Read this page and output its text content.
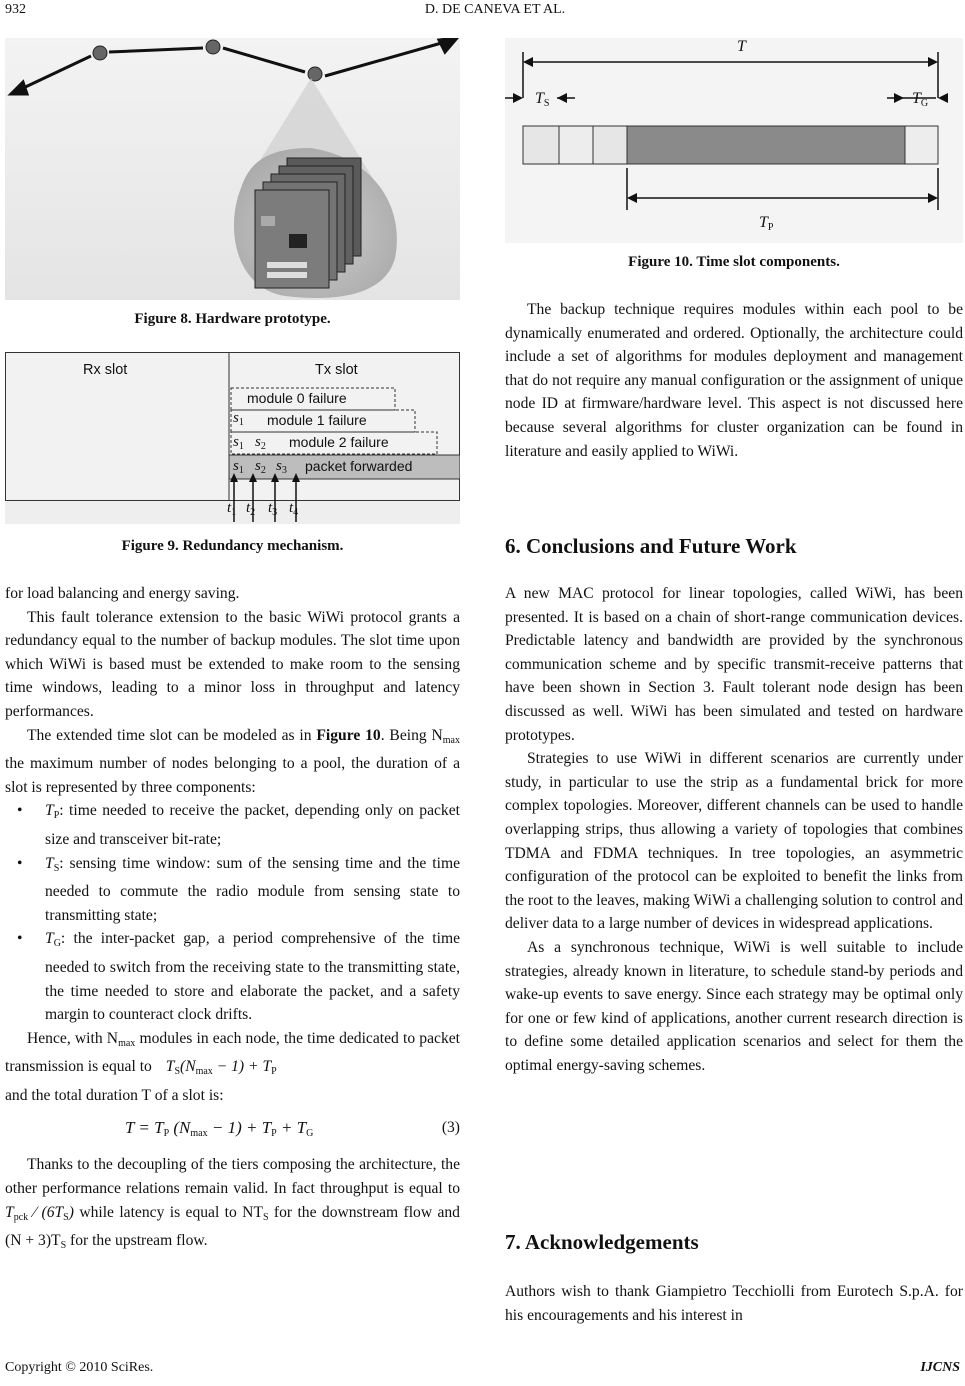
932	D. DE CANEVA ET AL.
Figure 8. Hardware prototype.
Rx slot	Tx slot
module 0 failure
module 1 failure
module 2 failure
packet forwarded
$s_1$
$s_1$ $s_2$
$s_1$ $s_2$ $s_3$
$t_1$ $t_2$ $t_3$ $t_4$
Figure 9. Redundancy mechanism.

for load balancing and energy saving.

This fault tolerance extension to the basic WiWi protocol grants a redundancy equal to the number of backup modules. The slot time upon which WiWi is based must be extended to make room to the sensing time windows, leading to a minor loss in throughput and latency performances.

The extended time slot can be modeled as in Figure 10. Being $N_{max}$ the maximum number of nodes belonging to a pool, the duration of a slot is represented by three components:

• $T_P$: time needed to receive the packet, depending only on packet size and transceiver bit-rate;
• $T_S$: sensing time window: sum of the sensing time and the time needed to commute the radio module from sensing state to transmitting state;
• $T_G$: the inter-packet gap, a period comprehensive of the time needed to switch from the receiving state to the transmitting state, the time needed to store and elaborate the packet, and a safety margin to counteract clock drifts.

Hence, with $N_{max}$ modules in each node, the time dedicated to packet transmission is equal to $T_S(N_{max} - 1) + T_P$

and the total duration T of a slot is:

$T = T_P$ $(N_{max} - 1) + T_P + T_G$	(3)

Thanks to the decoupling of the tiers composing the architecture, the other performance relations remain valid. In fact throughput is equal to $T_{pck}$ ⁄ $(6T_S)$ while latency is equal to $NT_S$ for the downstream flow and $(N + 3)T_S$ for the upstream flow.

T
$T_S$	$T_G$
$T_P$
Figure 10. Time slot components.

The backup technique requires modules within each pool to be dynamically enumerated and ordered. Optionally, the architecture could include a set of algorithms for modules deployment and management that do not require any manual configuration or the assignment of unique node ID at firmware/hardware level. This aspect is not discussed here because several algorithms for cluster organization can be found in literature and easily applied to WiWi.

6. Conclusions and Future Work

A new MAC protocol for linear topologies, called WiWi, has been presented. It is based on a chain of short-range communication devices. Predictable latency and bandwidth are provided by the synchronous communication scheme and by specific transmit-receive patterns that have been shown in Section 3. Fault tolerant node design has been discussed as well. WiWi has been simulated and tested on hardware prototypes.

Strategies to use WiWi in different scenarios are currently under study, in particular to use the strip as a fundamental brick for more complex topologies. Moreover, different channels can be used to handle overlapping strips, thus allowing a variety of topologies that combines TDMA and FDMA techniques. In tree topologies, an asymmetric configuration of the protocol can be exploited to benefit the links from the root to the leaves, making WiWi a challenging solution to control and deliver data to a large number of devices in widespread applications.

As a synchronous technique, WiWi is well suitable to include strategies, already known in literature, to schedule stand-by periods and wake-up events to save energy. Since each strategy may be optimal only for one or few kind of applications, another current research direction is to define some detailed application scenarios and select for them the optimal energy-saving schemes.

7. Acknowledgements

Authors wish to thank Giampietro Tecchiolli from Eurotech S.p.A. for his encouragements and his interest in

Copyright © 2010 SciRes.	IJCNS
